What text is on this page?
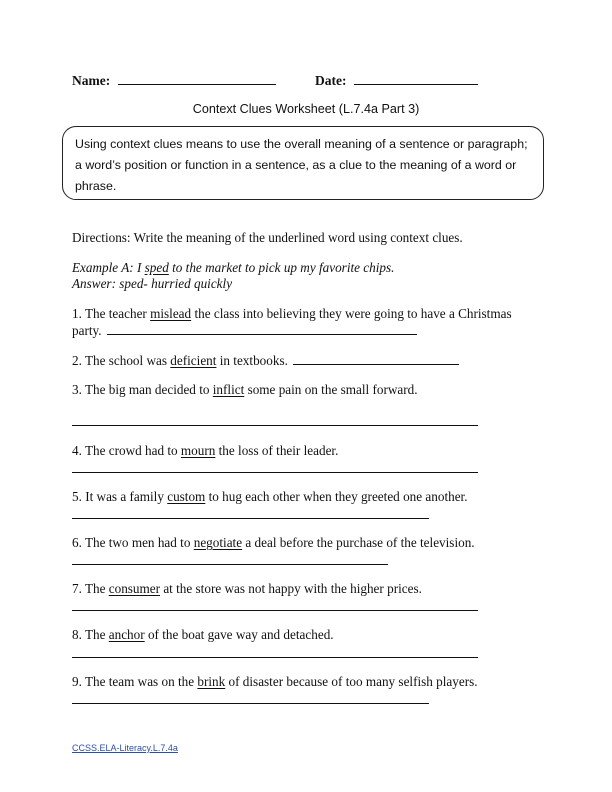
Name:	Date:
Context Clues Worksheet (L.7.4a Part 3)
Using context clues means to use the overall meaning of a sentence or paragraph; a word’s position or function in a sentence, as a clue to the meaning of a word or phrase.
Directions: Write the meaning of the underlined word using context clues.
Example A: I sped to the market to pick up my favorite chips.
Answer: sped- hurried quickly
1. The teacher mislead the class into believing they were going to have a Christmas
party.
2. The school was deficient in textbooks.
3. The big man decided to inflict some pain on the small forward.
4. The crowd had to mourn the loss of their leader.
5. It was a family custom to hug each other when they greeted one another.
6. The two men had to negotiate a deal before the purchase of the television.
7. The consumer at the store was not happy with the higher prices.
8. The anchor of the boat gave way and detached.
9. The team was on the brink of disaster because of too many selfish players.
CCSS.ELA-Literacy.L.7.4a
